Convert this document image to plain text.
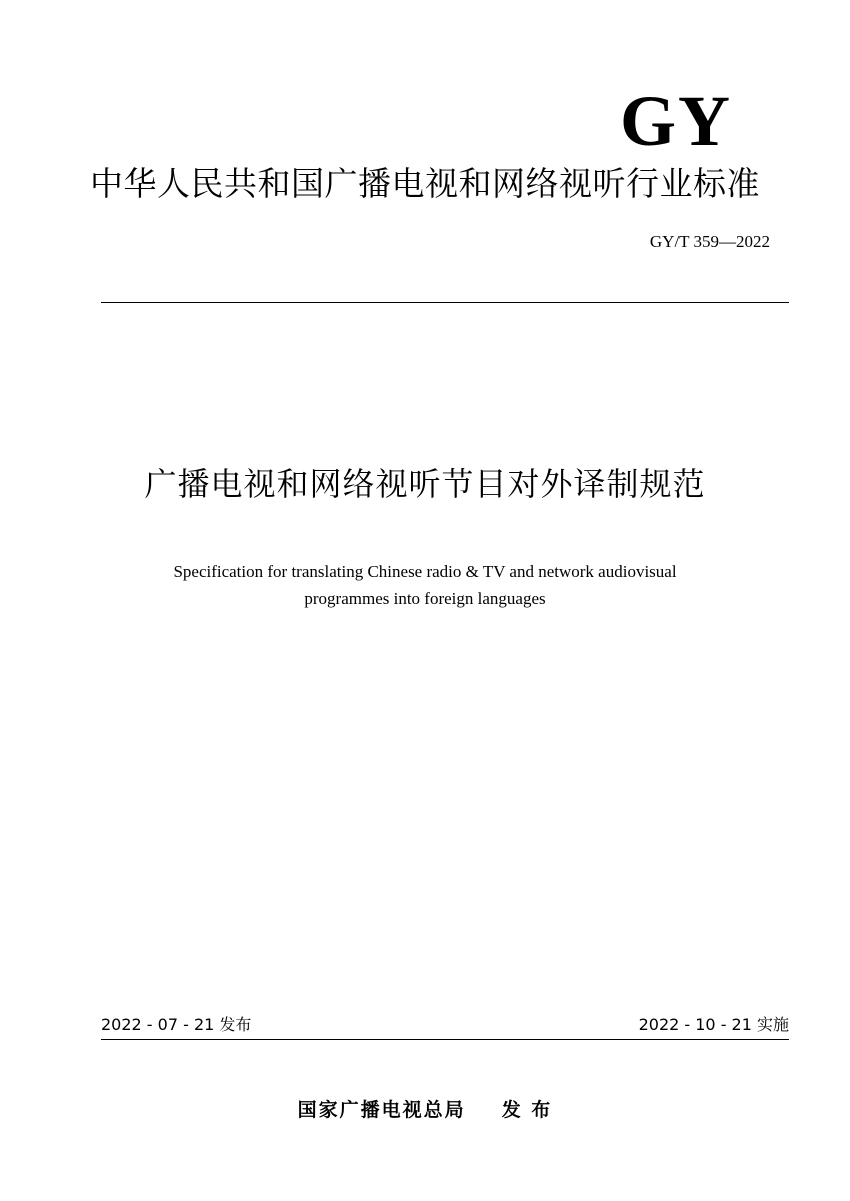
GY
中华人民共和国广播电视和网络视听行业标准
GY/T 359—2022
广播电视和网络视听节目对外译制规范
Specification for translating Chinese radio & TV and network audiovisual
programmes into foreign languages
2022 - 07 - 21 发布	2022 - 10 - 21 实施
国家广播电视总局 发 布
